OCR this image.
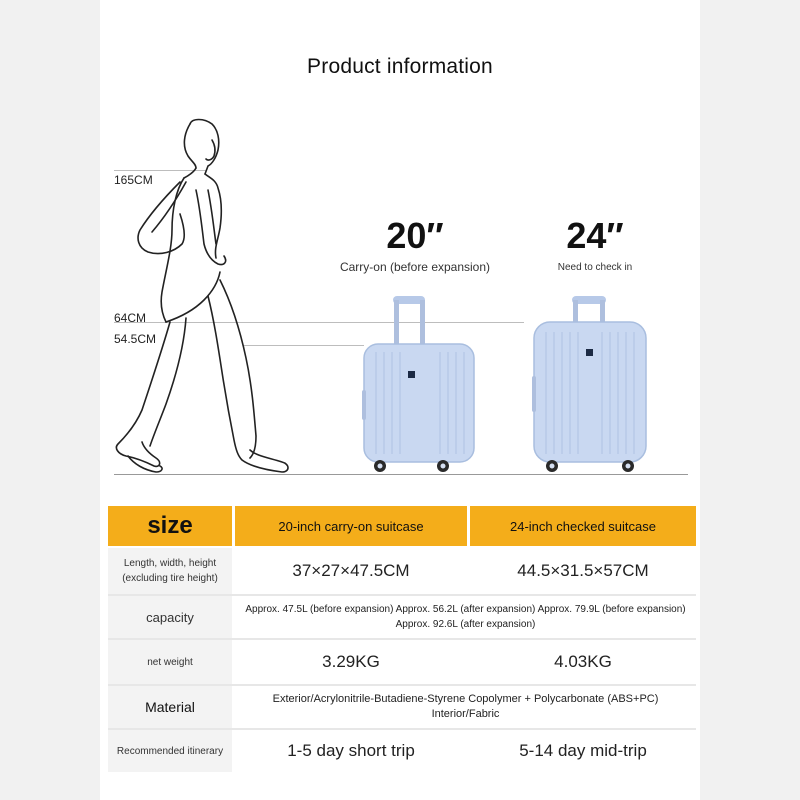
Product information
165CM
64CM
54.5CM
20″
Carry-on (before expansion)
24″
Need to check in
size	20-inch carry-on suitcase	24-inch checked suitcase
Length, width, height (excluding tire height)	37×27×47.5CM	44.5×31.5×57CM
capacity	Approx. 47.5L (before expansion) Approx. 56.2L (after expansion) Approx. 79.9L (before expansion) Approx. 92.6L (after expansion)
net weight	3.29KG	4.03KG
Material	Exterior/Acrylonitrile-Butadiene-Styrene Copolymer + Polycarbonate (ABS+PC) Interior/Fabric
Recommended itinerary	1-5 day short trip	5-14 day mid-trip
